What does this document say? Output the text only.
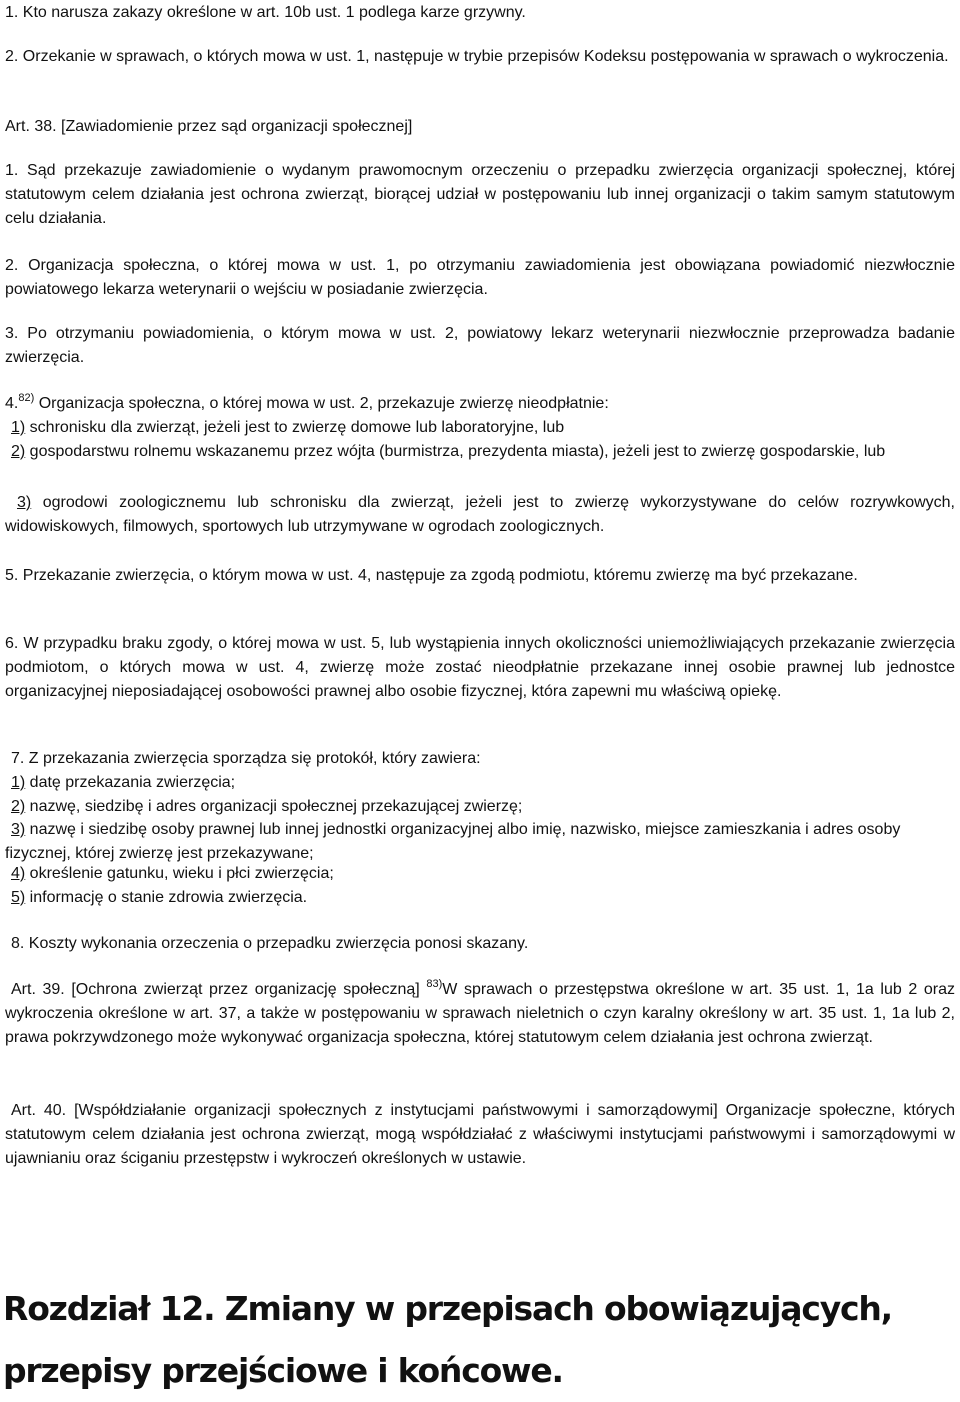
1. Kto narusza zakazy określone w art. 10b ust. 1 podlega karze grzywny.

2. Orzekanie w sprawach, o których mowa w ust. 1, następuje w trybie przepisów Kodeksu postępowania w sprawach o wykroczenia.

Art. 38. [Zawiadomienie przez sąd organizacji społecznej]

1. Sąd przekazuje zawiadomienie o wydanym prawomocnym orzeczeniu o przepadku zwierzęcia organizacji społecznej, której statutowym celem działania jest ochrona zwierząt, biorącej udział w postępowaniu lub innej organizacji o takim samym statutowym celu działania.

2. Organizacja społeczna, o której mowa w ust. 1, po otrzymaniu zawiadomienia jest obowiązana powiadomić niezwłocznie powiatowego lekarza weterynarii o wejściu w posiadanie zwierzęcia.

3. Po otrzymaniu powiadomienia, o którym mowa w ust. 2, powiatowy lekarz weterynarii niezwłocznie przeprowadza badanie zwierzęcia.

4.$^{82)}$ Organizacja społeczna, o której mowa w ust. 2, przekazuje zwierzę nieodpłatnie:
1) schronisku dla zwierząt, jeżeli jest to zwierzę domowe lub laboratoryjne, lub
2) gospodarstwu rolnemu wskazanemu przez wójta (burmistrza, prezydenta miasta), jeżeli jest to zwierzę gospodarskie, lub
3) ogrodowi zoologicznemu lub schronisku dla zwierząt, jeżeli jest to zwierzę wykorzystywane do celów rozrywkowych, widowiskowych, filmowych, sportowych lub utrzymywane w ogrodach zoologicznych.

5. Przekazanie zwierzęcia, o którym mowa w ust. 4, następuje za zgodą podmiotu, któremu zwierzę ma być przekazane.

6. W przypadku braku zgody, o której mowa w ust. 5, lub wystąpienia innych okoliczności uniemożliwiających przekazanie zwierzęcia podmiotom, o których mowa w ust. 4, zwierzę może zostać nieodpłatnie przekazane innej osobie prawnej lub jednostce organizacyjnej nieposiadającej osobowości prawnej albo osobie fizycznej, która zapewni mu właściwą opiekę.

7. Z przekazania zwierzęcia sporządza się protokół, który zawiera:
1) datę przekazania zwierzęcia;
2) nazwę, siedzibę i adres organizacji społecznej przekazującej zwierzę;
3) nazwę i siedzibę osoby prawnej lub innej jednostki organizacyjnej albo imię, nazwisko, miejsce zamieszkania i adres osoby fizycznej, której zwierzę jest przekazywane;
4) określenie gatunku, wieku i płci zwierzęcia;
5) informację o stanie zdrowia zwierzęcia.
8. Koszty wykonania orzeczenia o przepadku zwierzęcia ponosi skazany.
Art. 39. [Ochrona zwierząt przez organizację społeczną] $^{83)}$W sprawach o przestępstwa określone w art. 35 ust. 1, 1a lub 2 oraz wykroczenia określone w art. 37, a także w postępowaniu w sprawach nieletnich o czyn karalny określony w art. 35 ust. 1, 1a lub 2, prawa pokrzywdzonego może wykonywać organizacja społeczna, której statutowym celem działania jest ochrona zwierząt.
Art. 40. [Współdziałanie organizacji społecznych z instytucjami państwowymi i samorządowymi] Organizacje społeczne, których statutowym celem działania jest ochrona zwierząt, mogą współdziałać z właściwymi instytucjami państwowymi i samorządowymi w ujawnianiu oraz ściganiu przestępstw i wykroczeń określonych w ustawie.
Rozdział 12. Zmiany w przepisach obowiązujących, przepisy przejściowe i końcowe.
